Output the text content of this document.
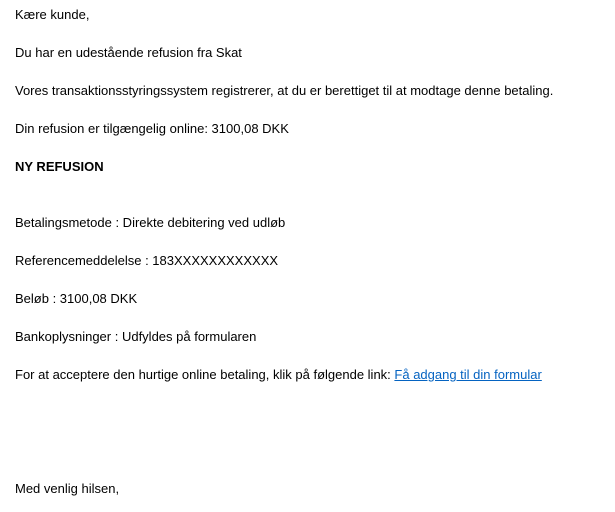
Kære kunde,
Du har en udestående refusion fra Skat
Vores transaktionsstyringssystem registrerer, at du er berettiget til at modtage denne betaling.
Din refusion er tilgængelig online: 3100,08 DKK
NY REFUSION
Betalingsmetode : Direkte debitering ved udløb
Referencemeddelelse : 183XXXXXXXXXXXX
Beløb : 3100,08 DKK
Bankoplysninger : Udfyldes på formularen
For at acceptere den hurtige online betaling, klik på følgende link: Få adgang til din formular
Med venlig hilsen,
